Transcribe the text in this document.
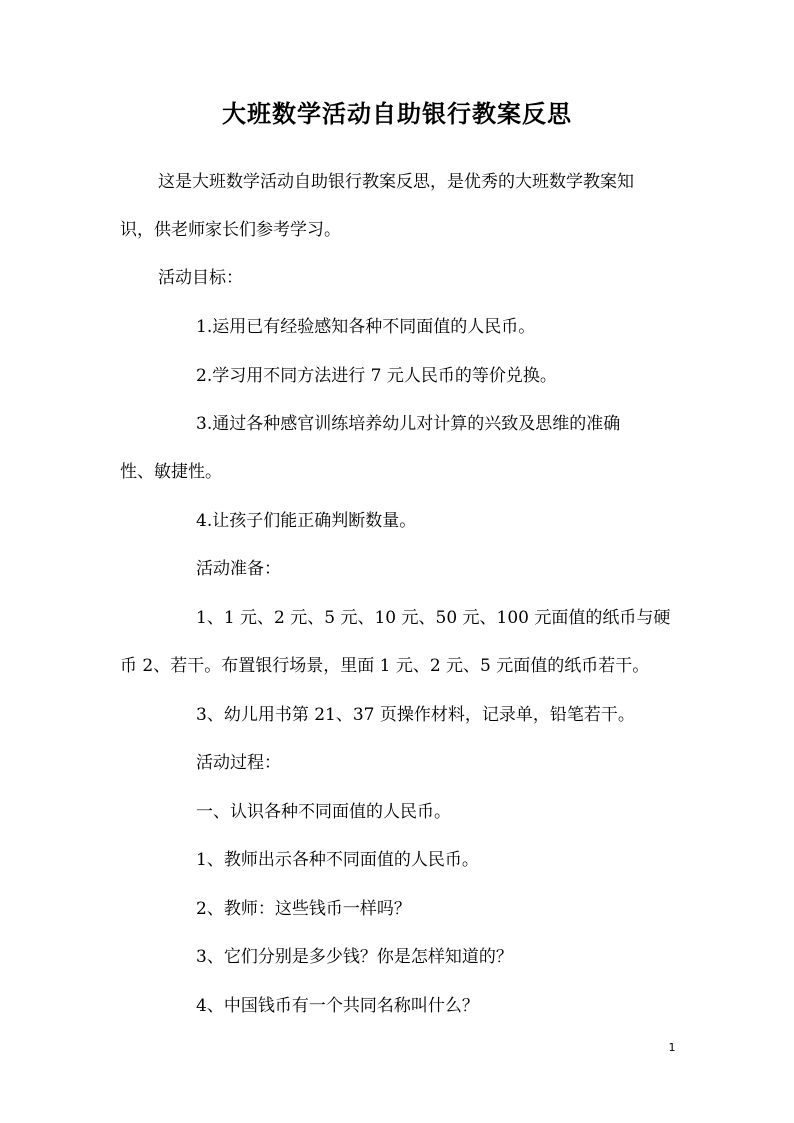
大班数学活动自助银行教案反思
这是大班数学活动自助银行教案反思，是优秀的大班数学教案知
识，供老师家长们参考学习。
活动目标：
1.运用已有经验感知各种不同面值的人民币。
2.学习用不同方法进行 7 元人民币的等价兑换。
3.通过各种感官训练培养幼儿对计算的兴致及思维的准确
性、敏捷性。
4.让孩子们能正确判断数量。
活动准备：
1、1 元、2 元、5 元、10 元、50 元、100 元面值的纸币与硬
币 2、若干。布置银行场景，里面 1 元、2 元、5 元面值的纸币若干。
3、幼儿用书第 21、37 页操作材料，记录单，铅笔若干。
活动过程：
一、认识各种不同面值的人民币。
1、教师出示各种不同面值的人民币。
2、教师：这些钱币一样吗？
3、它们分别是多少钱？你是怎样知道的？
4、中国钱币有一个共同名称叫什么？
1
